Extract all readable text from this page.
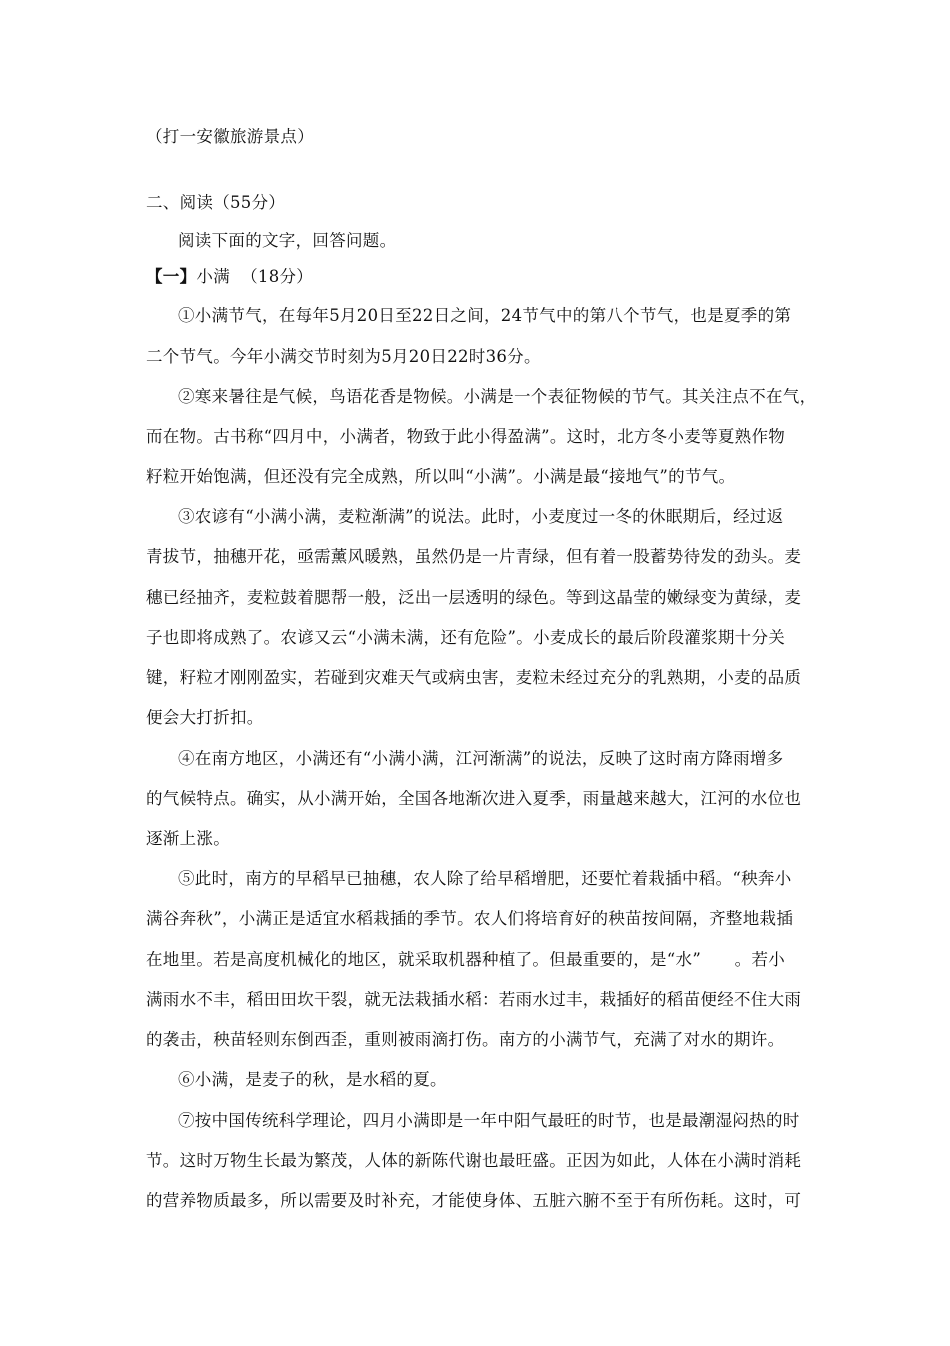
（打一安徽旅游景点）
二、阅读（55分）
阅读下面的文字，回答问题。
【一】小满 （18分）
①小满节气，在每年5月20日至22日之间，24节气中的第八个节气，也是夏季的第
二个节气。今年小满交节时刻为5月20日22时36分。
②寒来暑往是气候，鸟语花香是物候。小满是一个表征物候的节气。其关注点不在气，
而在物。古书称“四月中，小满者，物致于此小得盈满”。这时，北方冬小麦等夏熟作物
籽粒开始饱满，但还没有完全成熟，所以叫“小满”。小满是最“接地气”的节气。
③农谚有“小满小满，麦粒渐满”的说法。此时，小麦度过一冬的休眠期后，经过返
青拔节，抽穗开花，亟需薰风暖熟，虽然仍是一片青绿，但有着一股蓄势待发的劲头。麦
穗已经抽齐，麦粒鼓着腮帮一般，泛出一层透明的绿色。等到这晶莹的嫩绿变为黄绿，麦
子也即将成熟了。农谚又云“小满未满，还有危险”。小麦成长的最后阶段灌浆期十分关
键，籽粒才刚刚盈实，若碰到灾难天气或病虫害，麦粒未经过充分的乳熟期，小麦的品质
便会大打折扣。
④在南方地区，小满还有“小满小满，江河渐满”的说法，反映了这时南方降雨增多
的气候特点。确实，从小满开始，全国各地渐次进入夏季，雨量越来越大，江河的水位也
逐渐上涨。
⑤此时，南方的早稻早已抽穗，农人除了给早稻增肥，还要忙着栽插中稻。“秧奔小
满谷奔秋”，小满正是适宜水稻栽插的季节。农人们将培育好的秧苗按间隔，齐整地栽插
在地里。若是高度机械化的地区，就采取机器种植了。但最重要的，是“水”　　。若小
满雨水不丰，稻田田坎干裂，就无法栽插水稻：若雨水过丰，栽插好的稻苗便经不住大雨
的袭击，秧苗轻则东倒西歪，重则被雨滴打伤。南方的小满节气，充满了对水的期许。
⑥小满，是麦子的秋，是水稻的夏。
⑦按中国传统科学理论，四月小满即是一年中阳气最旺的时节，也是最潮湿闷热的时
节。这时万物生长最为繁茂，人体的新陈代谢也最旺盛。正因为如此，人体在小满时消耗
的营养物质最多，所以需要及时补充，才能使身体、五脏六腑不至于有所伤耗。这时，可
